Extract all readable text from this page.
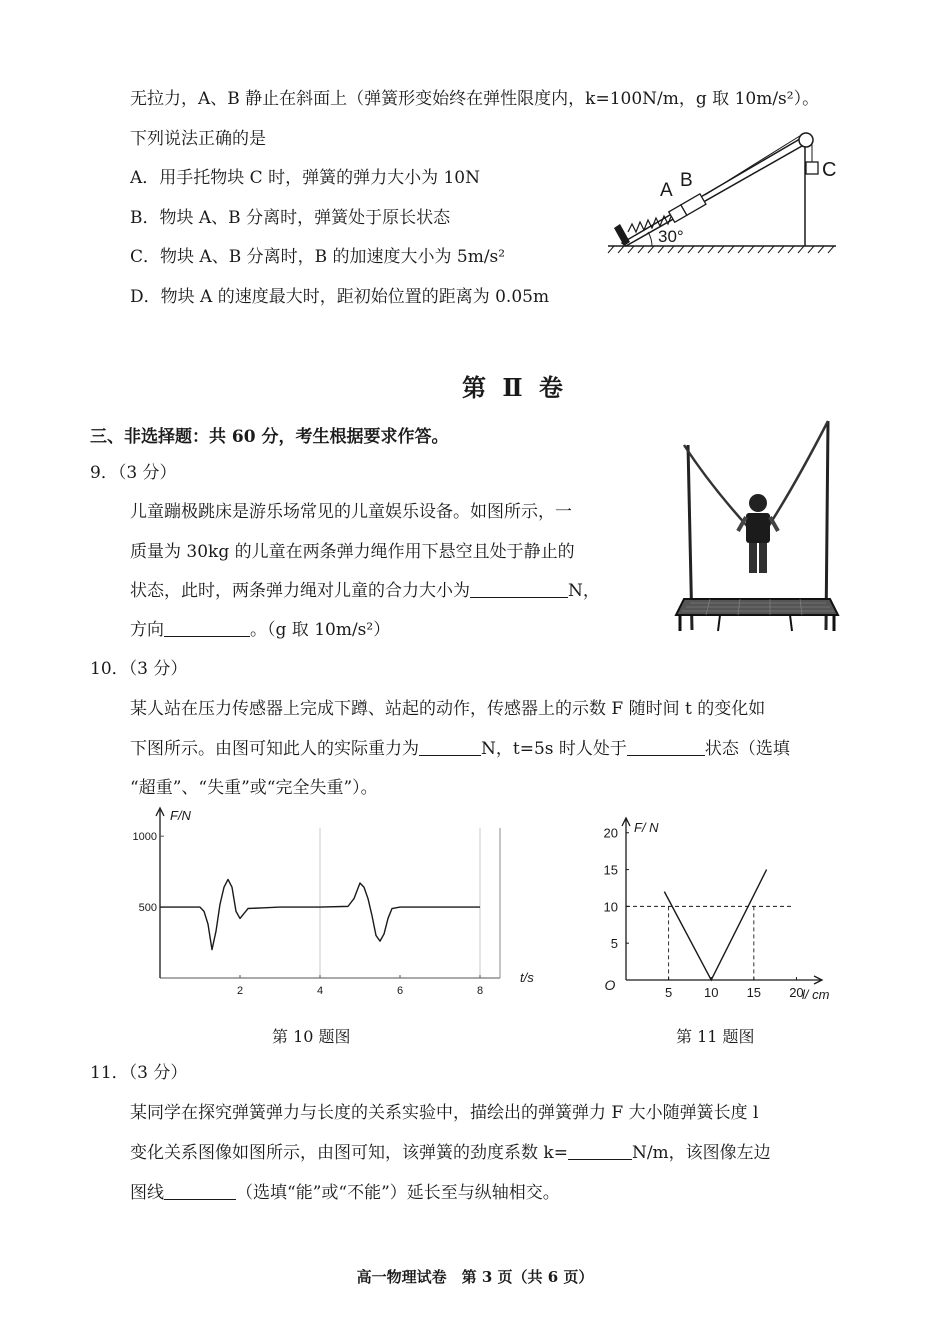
无拉力，A、B 静止在斜面上（弹簧形变始终在弹性限度内，k=100N/m，g 取 10m/s²）。
下列说法正确的是
A．用手托物块 C 时，弹簧的弹力大小为 10N
B．物块 A、B 分离时，弹簧处于原长状态
C．物块 A、B 分离时，B 的加速度大小为 5m/s²
D．物块 A 的速度最大时，距初始位置的距离为 0.05m
30°
A B	C
第 Ⅱ 卷
三、非选择题：共 60 分，考生根据要求作答。
9．（3 分）
儿童蹦极跳床是游乐场常见的儿童娱乐设备。如图所示，一
质量为 30kg 的儿童在两条弹力绳作用下悬空且处于静止的
状态，此时，两条弹力绳对儿童的合力大小为	N，
方向	。（g 取 10m/s²）
10．（3 分）
某人站在压力传感器上完成下蹲、站起的动作，传感器上的示数 F 随时间 t 的变化如
下图所示。由图可知此人的实际重力为	N，t=5s 时人处于	状态（选填
“超重”、“失重”或“完全失重”）。
2	4	6	8
500
1000
F/N
t/s
第 10 题图
5 10 15 20
5
10
15
20
O
F/ N
l/ cm
第 11 题图
11．（3 分）
某同学在探究弹簧弹力与长度的关系实验中，描绘出的弹簧弹力 F 大小随弹簧长度 l
变化关系图像如图所示，由图可知，该弹簧的劲度系数 k=	N/m，该图像左边
图线	（选填“能”或“不能”）延长至与纵轴相交。
高一物理试卷　第 3 页（共 6 页）
